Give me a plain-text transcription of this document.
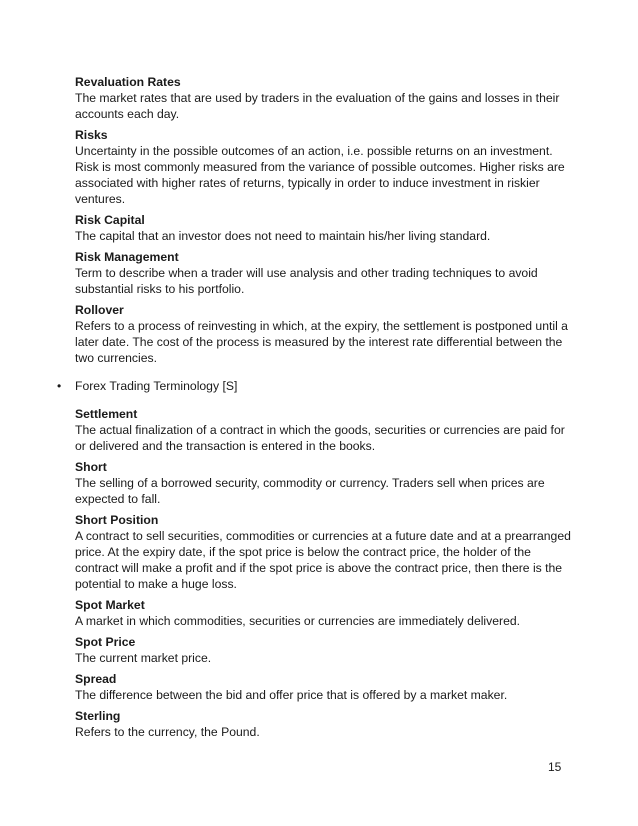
Revaluation Rates
The market rates that are used by traders in the evaluation of the gains and losses in their accounts each day.
Risks
Uncertainty in the possible outcomes of an action, i.e. possible returns on an investment. Risk is most commonly measured from the variance of possible outcomes. Higher risks are associated with higher rates of returns, typically in order to induce investment in riskier ventures.
Risk Capital
The capital that an investor does not need to maintain his/her living standard.
Risk Management
Term to describe when a trader will use analysis and other trading techniques to avoid substantial risks to his portfolio.
Rollover
Refers to a process of reinvesting in which, at the expiry, the settlement is postponed until a later date. The cost of the process is measured by the interest rate differential between the two currencies.
• Forex Trading Terminology [S]
Settlement
The actual finalization of a contract in which the goods, securities or currencies are paid for or delivered and the transaction is entered in the books.
Short
The selling of a borrowed security, commodity or currency. Traders sell when prices are expected to fall.
Short Position
A contract to sell securities, commodities or currencies at a future date and at a prearranged price. At the expiry date, if the spot price is below the contract price, the holder of the contract will make a profit and if the spot price is above the contract price, then there is the potential to make a huge loss.
Spot Market
A market in which commodities, securities or currencies are immediately delivered.
Spot Price
The current market price.
Spread
The difference between the bid and offer price that is offered by a market maker.
Sterling
Refers to the currency, the Pound.
15
